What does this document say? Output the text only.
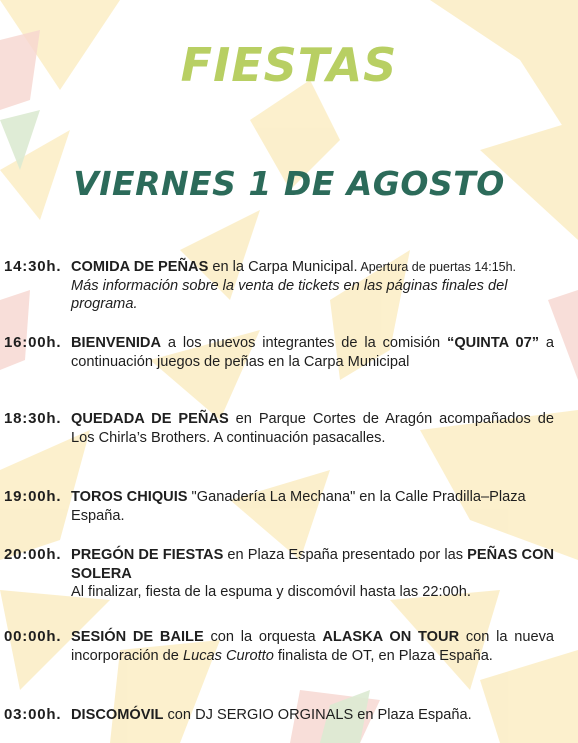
FIESTAS
VIERNES 1 DE AGOSTO
14:30h. COMIDA DE PEÑAS en la Carpa Municipal. Apertura de puertas 14:15h.
Más información sobre la venta de tickets en las páginas finales del programa.
16:00h. BIENVENIDA a los nuevos integrantes de la comisión “QUINTA 07” a continuación juegos de peñas en la Carpa Municipal
18:30h. QUEDADA DE PEÑAS en Parque Cortes de Aragón acompañados de Los Chirla’s Brothers. A continuación pasacalles.
19:00h. TOROS CHIQUIS "Ganadería La Mechana" en la Calle Pradilla–Plaza España.
20:00h. PREGÓN DE FIESTAS en Plaza España presentado por las PEÑAS CON SOLERA
Al finalizar, fiesta de la espuma y discomóvil hasta las 22:00h.
00:00h. SESIÓN DE BAILE con la orquesta ALASKA ON TOUR con la nueva incorporación de Lucas Curotto finalista de OT, en Plaza España.
03:00h. DISCOMÓVIL con DJ SERGIO ORGINALS en Plaza España.
